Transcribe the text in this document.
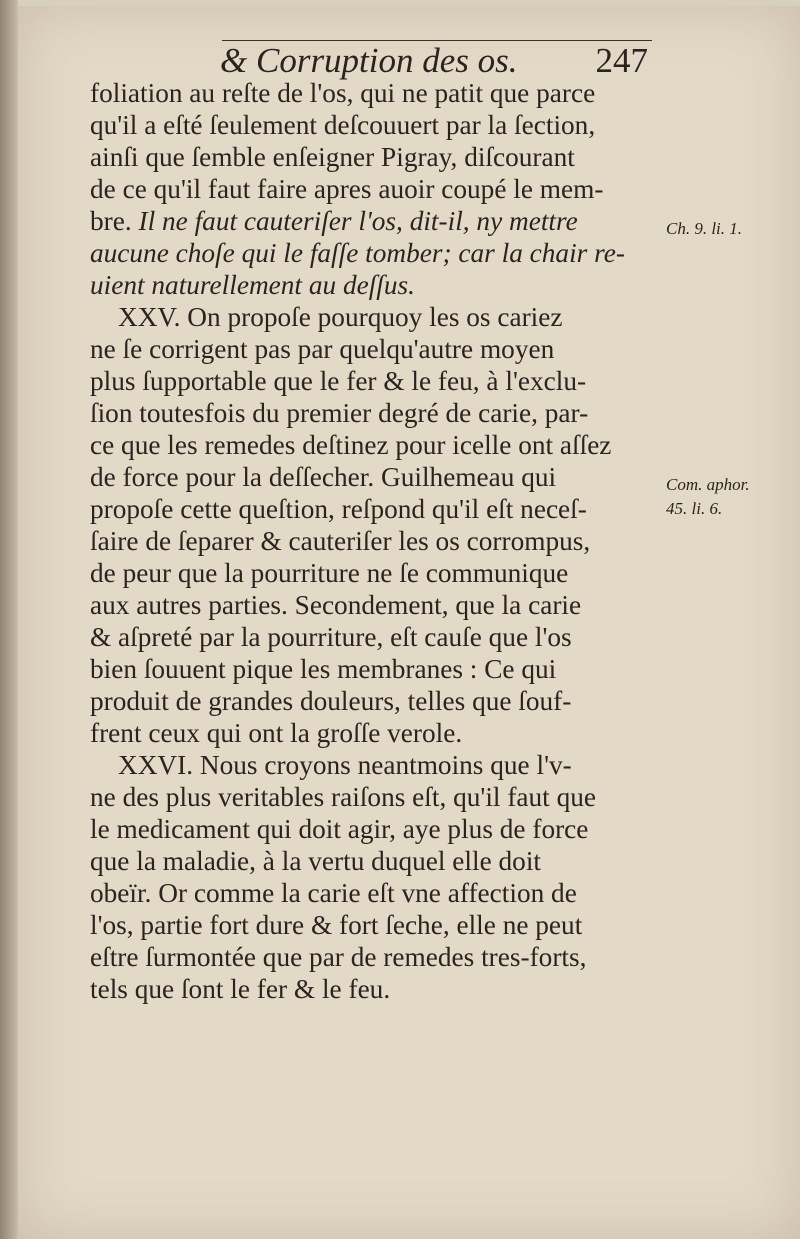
& Corruption des os. 247
foliation au reſte de l'os, qui ne patit que parce
qu'il a eſté ſeulement deſcouuert par la ſection,
ainſi que ſemble enſeigner Pigray, diſcourant
de ce qu'il faut faire apres auoir coupé le mem-
bre. Il ne faut cauteriſer l'os, dit-il, ny mettre
aucune choſe qui le faſſe tomber; car la chair re-
uient naturellement au deſſus.
XXV. On propoſe pourquoy les os cariez
ne ſe corrigent pas par quelqu'autre moyen
plus ſupportable que le fer & le feu, à l'exclu-
ſion toutesfois du premier degré de carie, par-
ce que les remedes deſtinez pour icelle ont aſſez
de force pour la deſſecher. Guilhemeau qui
propoſe cette queſtion, reſpond qu'il eſt neceſ-
ſaire de ſeparer & cauteriſer les os corrompus,
de peur que la pourriture ne ſe communique
aux autres parties. Secondement, que la carie
& aſpreté par la pourriture, eſt cauſe que l'os
bien ſouuent pique les membranes : Ce qui
produit de grandes douleurs, telles que ſouf-
frent ceux qui ont la groſſe verole.
XXVI. Nous croyons neantmoins que l'v-
ne des plus veritables raiſons eſt, qu'il faut que
le medicament qui doit agir, aye plus de force
que la maladie, à la vertu duquel elle doit
obeïr. Or comme la carie eſt vne affection de
l'os, partie fort dure & fort ſeche, elle ne peut
eſtre ſurmontée que par de remedes tres-forts,
tels que ſont le fer & le feu.
Ch. 9. li. 1.
Com. aphor.
45. li. 6.
